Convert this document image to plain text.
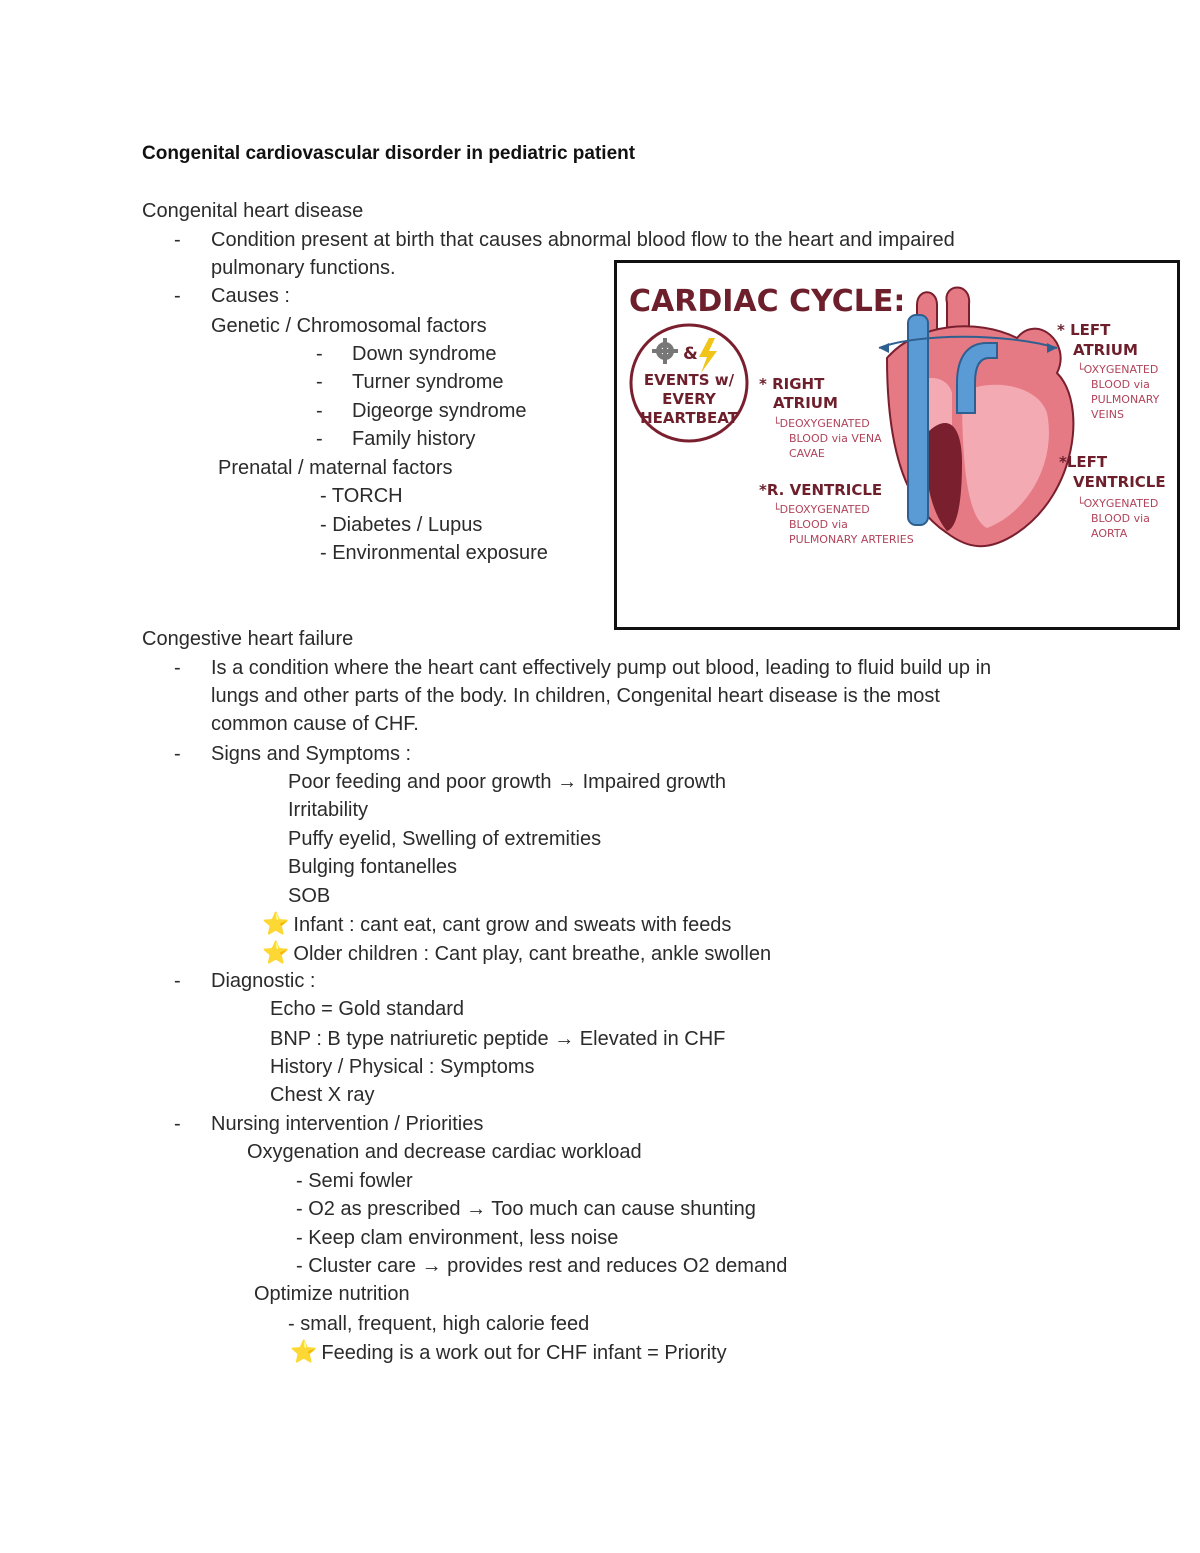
Congenital cardiovascular disorder in pediatric patient
Congenital heart disease
- Condition present at birth that causes abnormal blood flow to the heart and impaired
pulmonary functions.
- Causes :
Genetic / Chromosomal factors
- Down syndrome
- Turner syndrome
- Digeorge syndrome
- Family history
Prenatal / maternal factors
- TORCH
- Diabetes / Lupus
- Environmental exposure
CARDIAC CYCLE:
&
EVENTS w/
EVERY
HEARTBEAT
* RIGHT
ATRIUM
└DEOXYGENATED
BLOOD via VENA
CAVAE
*R. VENTRICLE
└DEOXYGENATED
BLOOD via
PULMONARY ARTERIES
* LEFT
ATRIUM
└OXYGENATED
BLOOD via
PULMONARY
VEINS
*LEFT
VENTRICLE
└OXYGENATED
BLOOD via
AORTA
Congestive heart failure
- Is a condition where the heart cant effectively pump out blood, leading to fluid build up in
lungs and other parts of the body. In children, Congenital heart disease is the most
common cause of CHF.
- Signs and Symptoms :
Poor feeding and poor growth → Impaired growth
Irritability
Puffy eyelid, Swelling of extremities
Bulging fontanelles
SOB
⭐ Infant : cant eat, cant grow and sweats with feeds
⭐ Older children : Cant play, cant breathe, ankle swollen
- Diagnostic :
Echo = Gold standard
BNP : B type natriuretic peptide → Elevated in CHF
History / Physical : Symptoms
Chest X ray
- Nursing intervention / Priorities
Oxygenation and decrease cardiac workload
- Semi fowler
- O2 as prescribed → Too much can cause shunting
- Keep clam environment, less noise
- Cluster care → provides rest and reduces O2 demand
Optimize nutrition
- small, frequent, high calorie feed
⭐ Feeding is a work out for CHF infant = Priority
